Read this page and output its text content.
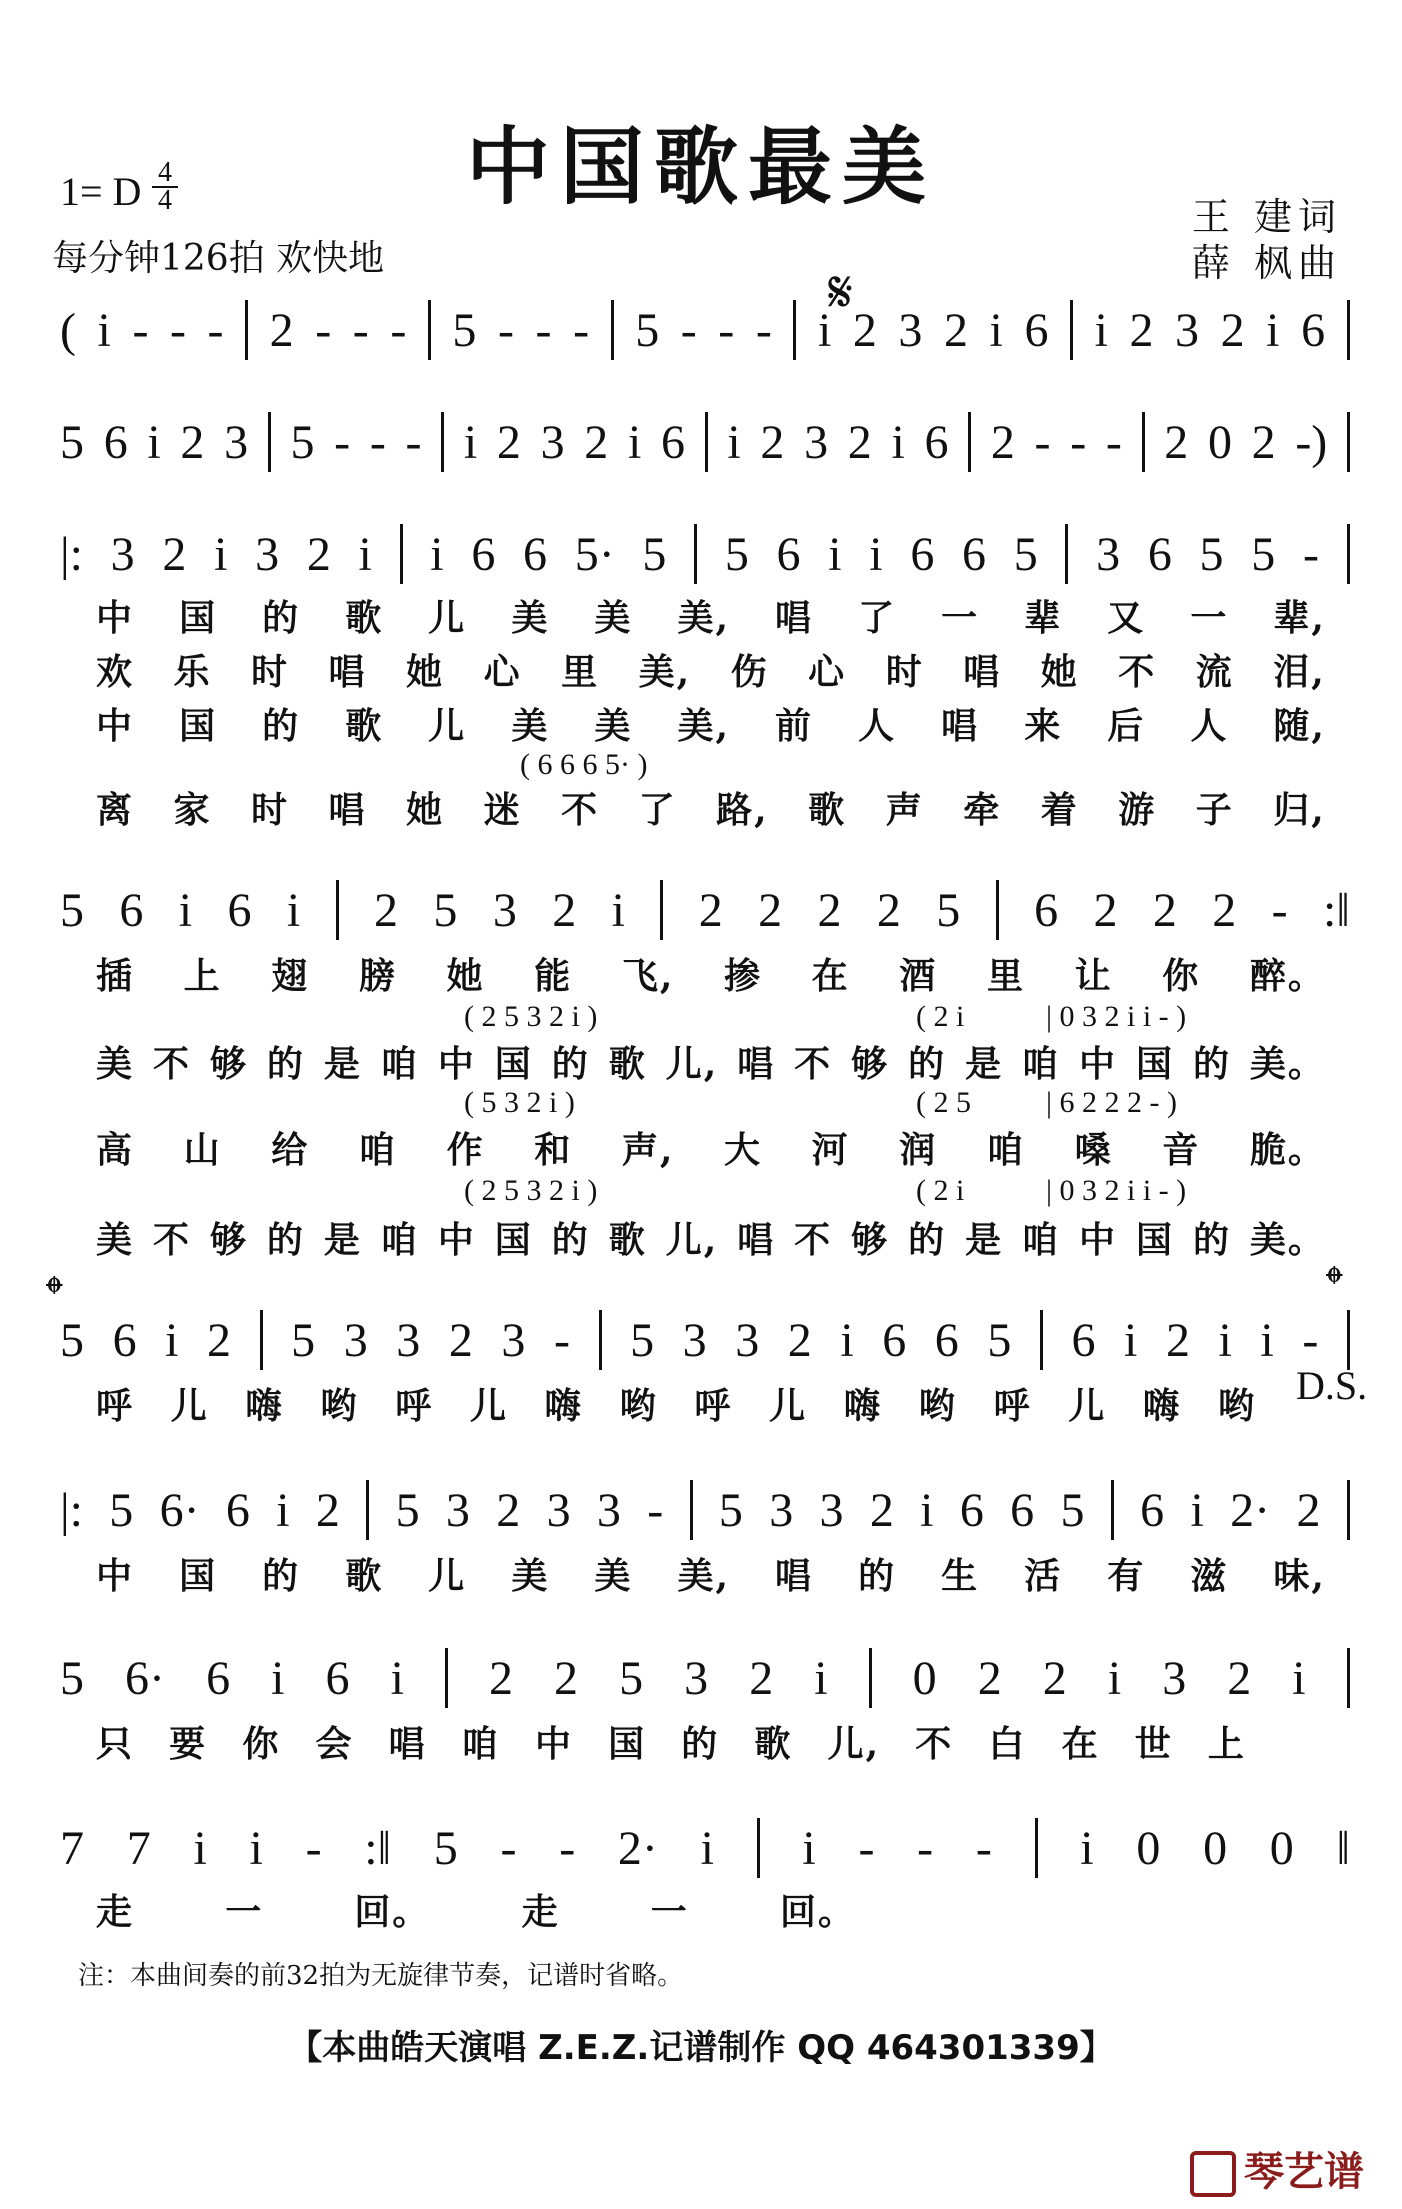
中国歌最美
1= D 4
4
每分钟126拍 欢快地
王 建词
薛 枫曲
𝄋
( i - - - 2 - - - 5 - - - 5 - - - i 2 3 2 i 6 i 2 3 2 i 6
5 6 i 2 3 5 - - - i 2 3 2 i 6 i 2 3 2 i 6 2 - - - 2 0 2 -)
|: 3 2 i 3 2 i i 6 6 5· 5 5 6 i i 6 6 5 3 6 5 5 -
中 国 的 歌 儿 美 美 美, 唱 了 一 辈 又 一 辈,
欢 乐 时 唱 她 心 里 美, 伤 心 时 唱 她 不 流 泪,
中 国 的 歌 儿 美 美 美, 前 人 唱 来 后 人 随,
( 6 6 6 5· )
离 家 时 唱 她 迷 不 了 路, 歌 声 牵 着 游 子 归,
5 6 i 6 i 2 5 3 2 i 2 2 2 2 5 6 2 2 2 - :‖
插 上 翅 膀 她 能 飞, 掺 在 酒 里 让 你 醉。
( 2 5 3 2 i )	( 2 i	| 0 3 2 i i - )
美 不 够 的 是 咱 中 国 的 歌 儿, 唱 不 够 的 是 咱 中 国 的 美。
( 5 3 2 i )	( 2 5	| 6 2 2 2 - )
高 山 给 咱 作 和 声, 大 河 润 咱 嗓 音 脆。
( 2 5 3 2 i )	( 2 i	| 0 3 2 i i - )
美 不 够 的 是 咱 中 国 的 歌 儿, 唱 不 够 的 是 咱 中 国 的 美。
𝄌	𝄌
5 6 i 2 5 3 3 2 3 - 5 3 3 2 i 6 6 5 6 i 2 i i -
呼 儿 嗨 哟 呼 儿 嗨 哟 呼 儿 嗨 哟 呼 儿 嗨 哟 D.S.
|: 5 6· 6 i 2 5 3 2 3 3 - 5 3 3 2 i 6 6 5 6 i 2· 2
中 国 的 歌 儿 美 美 美, 唱 的 生 活 有 滋 味,
5 6· 6 i 6 i 2 2 5 3 2 i 0 2 2 i 3 2 i
只 要 你 会 唱 咱 中 国 的 歌 儿, 不 白 在 世 上
7 7 i i - :‖ 5 - - 2· i i - - - i 0 0 0 ‖
走	一	回。	走	一	回。
注：本曲间奏的前32拍为无旋律节奏，记谱时省略。
【本曲皓天演唱 Z.E.Z.记谱制作 QQ 464301339】
琴艺谱
